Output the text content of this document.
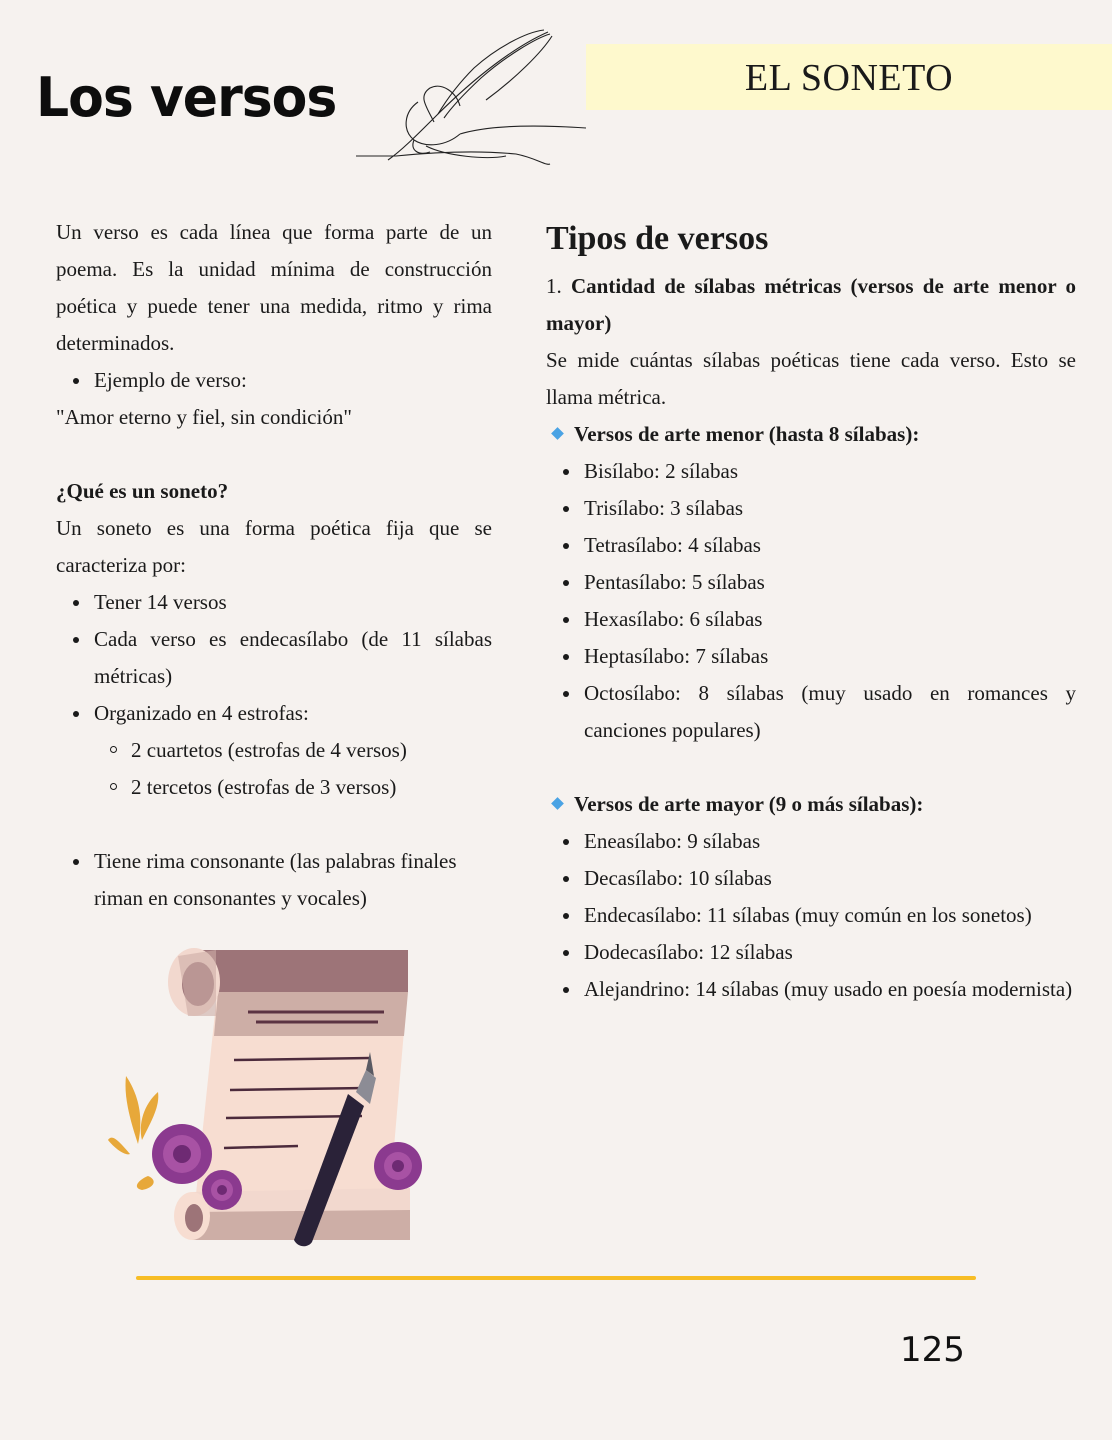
Los versos	EL SONETO

Un verso es cada línea que forma parte de un poema. Es la unidad mínima de construcción poética y puede tener una medida, ritmo y rima determinados.

Ejemplo de verso:

"Amor eterno y fiel, sin condición"

¿Qué es un soneto?

Un soneto es una forma poética fija que se caracteriza por:

Tener 14 versos
Cada verso es endecasílabo (de 11 sílabas métricas)
Organizado en 4 estrofas:
2 cuartetos (estrofas de 4 versos)
2 tercetos (estrofas de 3 versos)
Tiene rima consonante (las palabras finales riman en consonantes y vocales)
Tipos de versos

1. Cantidad de sílabas métricas (versos de arte menor o mayor)

Se mide cuántas sílabas poéticas tiene cada verso. Esto se llama métrica.

Versos de arte menor (hasta 8 sílabas):
Bisílabo: 2 sílabas
Trisílabo: 3 sílabas
Tetrasílabo: 4 sílabas
Pentasílabo: 5 sílabas
Hexasílabo: 6 sílabas
Heptasílabo: 7 sílabas
Octosílabo: 8 sílabas (muy usado en romances y canciones populares)
Versos de arte mayor (9 o más sílabas):
Eneasílabo: 9 sílabas
Decasílabo: 10 sílabas
Endecasílabo: 11 sílabas (muy común en los sonetos)
Dodecasílabo: 12 sílabas
Alejandrino: 14 sílabas (muy usado en poesía modernista)
125
